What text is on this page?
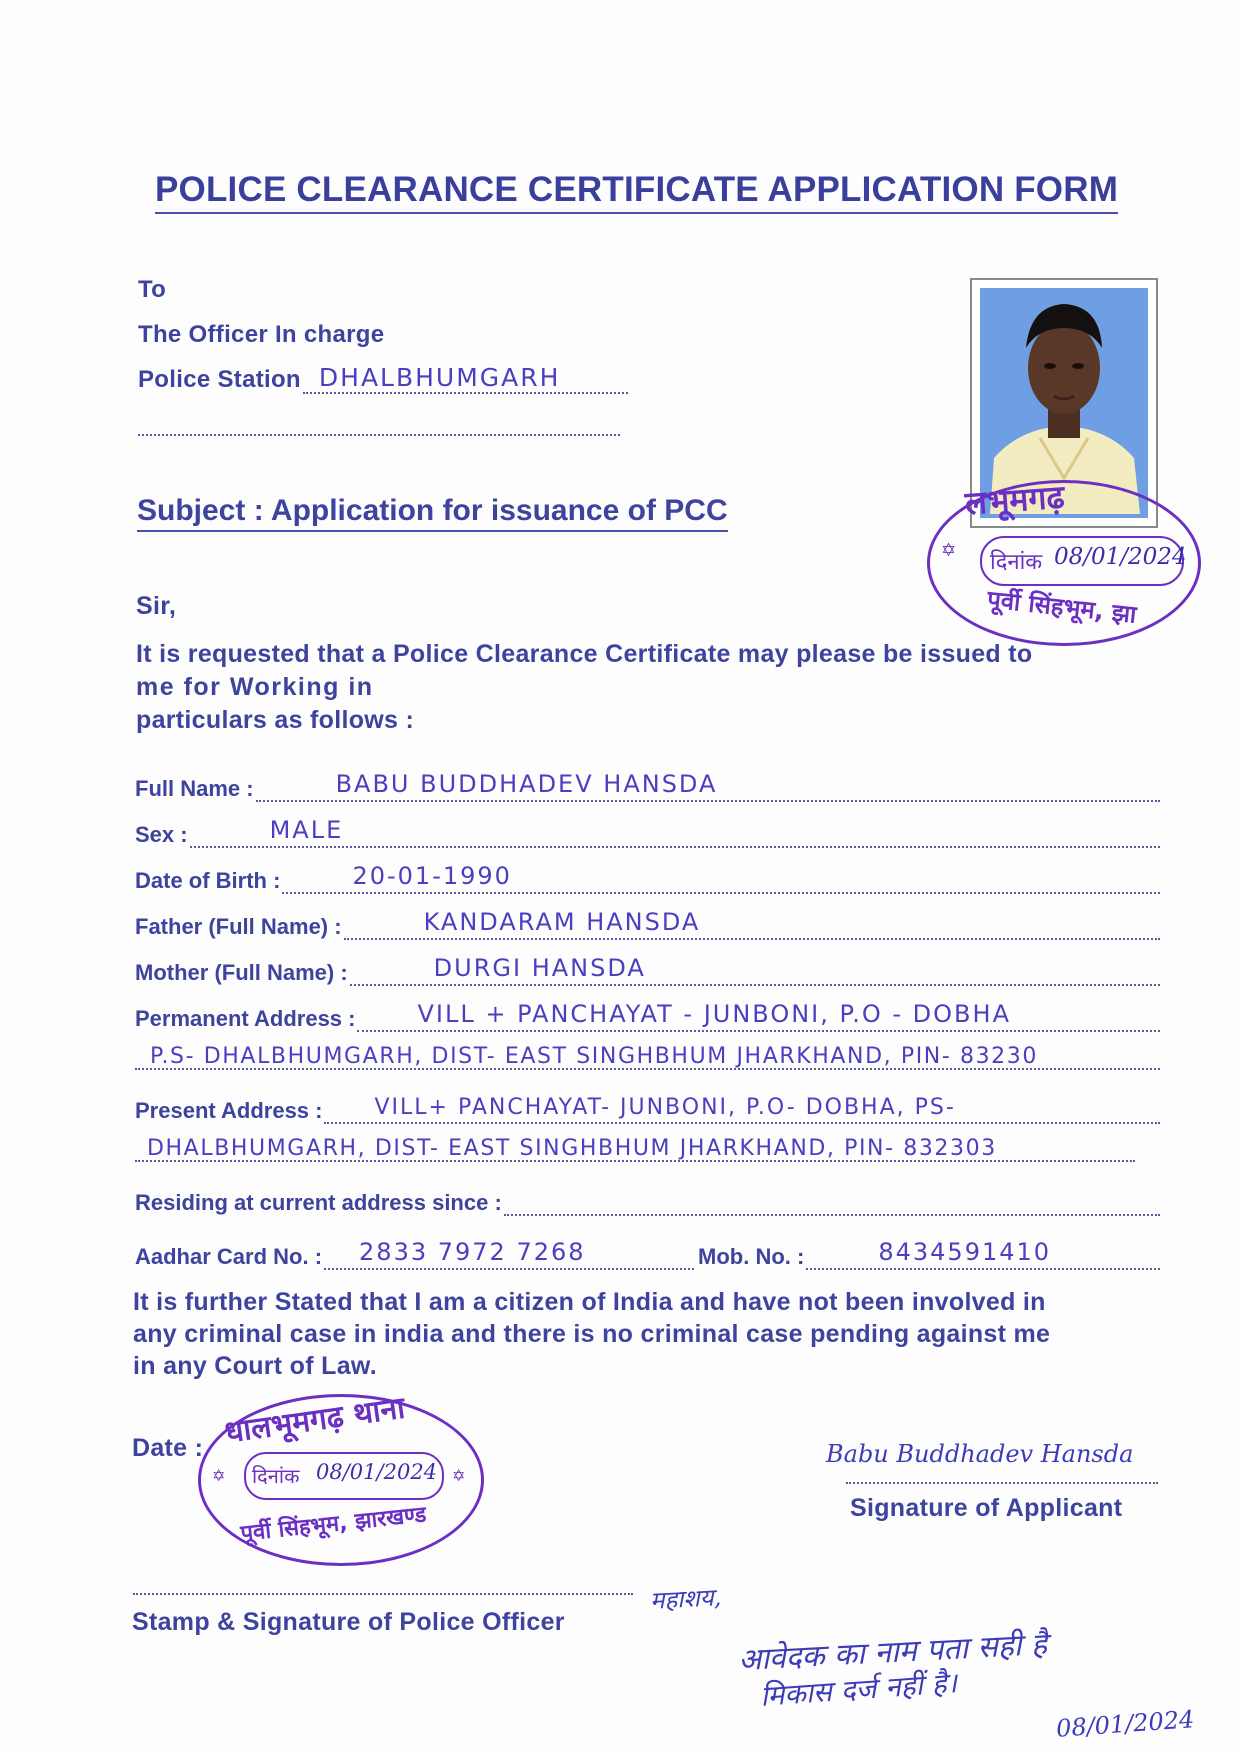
POLICE CLEARANCE CERTIFICATE APPLICATION FORM
To
The Officer In charge
Police Station DHALBHUMGARH
Subject : Application for issuance of PCC	लभूमगढ़
दिनांक 08/01/2024
✡
पूर्वी सिंहभूम, झा
Sir,
It is requested that a Police Clearance Certificate may please be issued to
me for Working in
particulars as follows :
Full Name :	BABU BUDDHADEV HANSDA
Sex :	MALE
Date of Birth :	20-01-1990
Father (Full Name) :	KANDARAM HANSDA
Mother (Full Name) :	DURGI HANSDA
Permanent Address :	VILL + PANCHAYAT - JUNBONI, P.O - DOBHA
P.S- DHALBHUMGARH, DIST- EAST SINGHBHUM JHARKHAND, PIN- 83230
Present Address : VILL+ PANCHAYAT- JUNBONI, P.O- DOBHA, PS-
DHALBHUMGARH, DIST- EAST SINGHBHUM JHARKHAND, PIN- 832303
Residing at current address since :
Aadhar Card No. : 2833 7972 7268	Mob. No. :	8434591410
It is further Stated that I am a citizen of India and have not been involved in
any criminal case in india and there is no criminal case pending against me
in any Court of Law.
Date : धालभूमगढ़ थाना
✡	✡
दिनांक 08/01/2024
पूर्वी सिंहभूम, झारखण्ड
Babu Buddhadev Hansda
Signature of Applicant
Stamp & Signature of Police Officer
महाशय,
आवेदक का नाम पता सही है
मिकास दर्ज नहीं है।
08/01/2024
